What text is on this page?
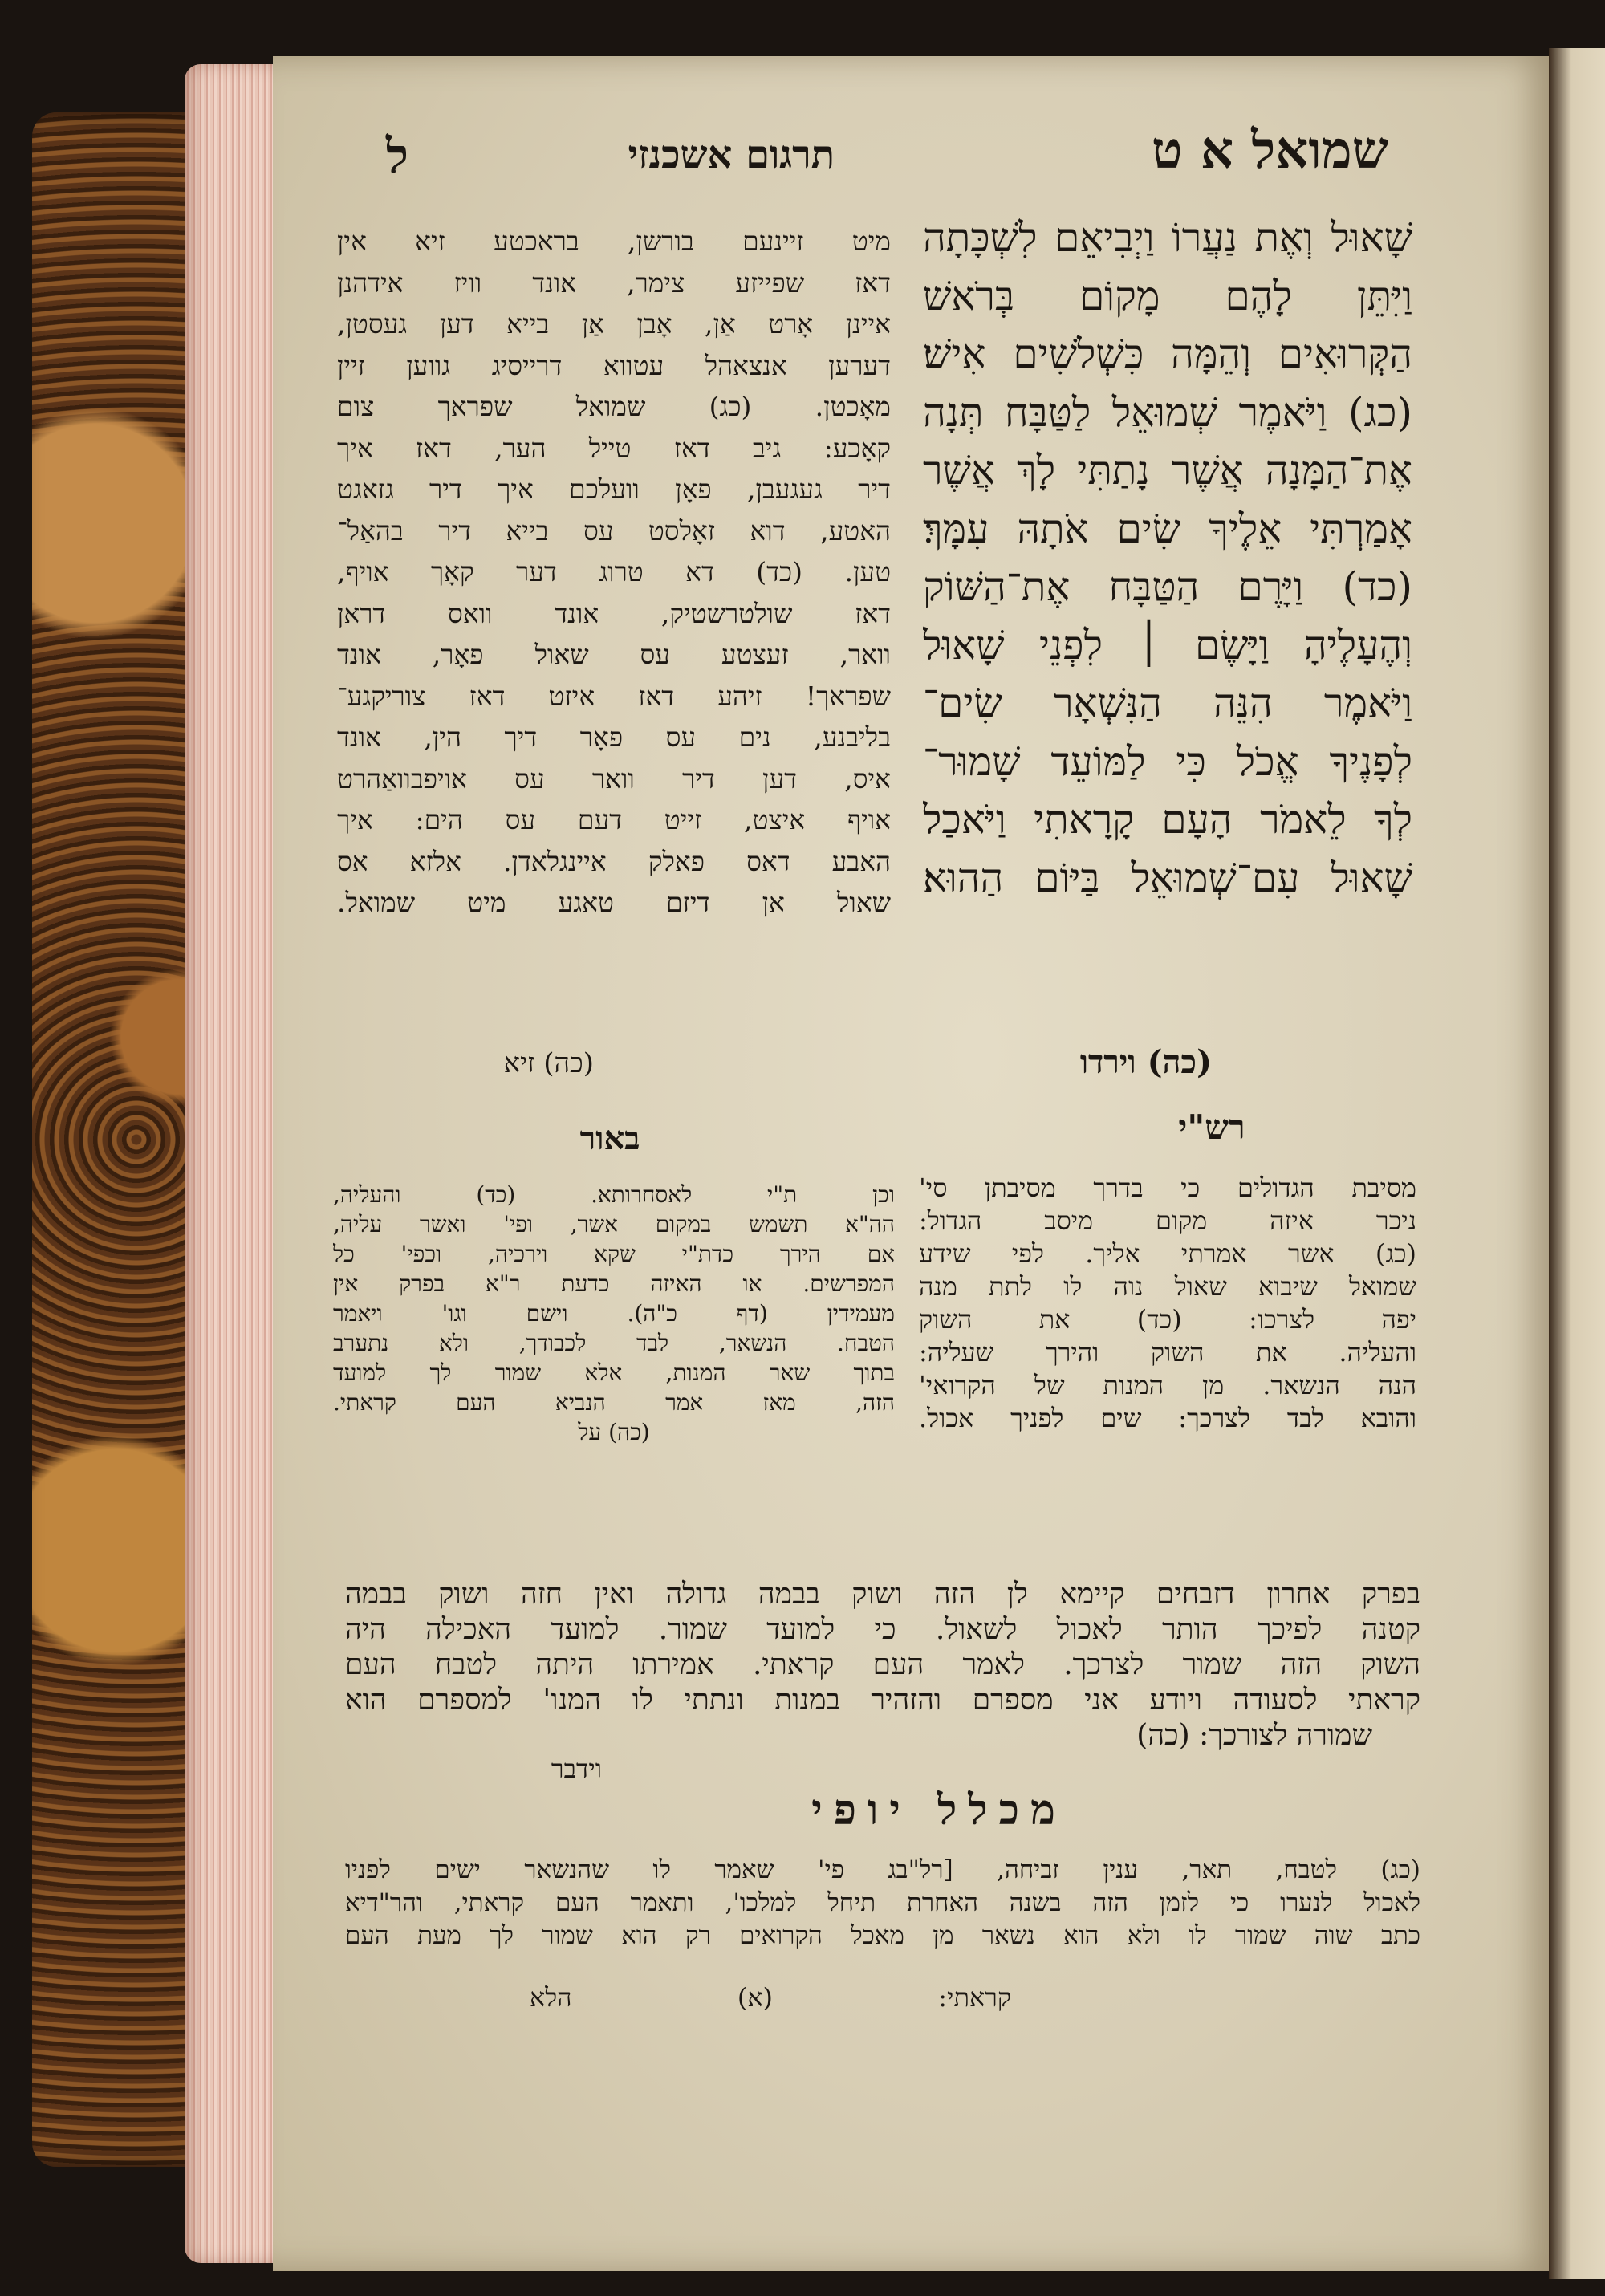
שמואל א ט
תרגום אשכנזי
ל
שָׁאוּל וְאֶת נַעֲרוֹ וַיְבִיאֵם לִשְׁכָּתָה
וַיִּתֵּן לָהֶם מָקוֹם בְּרֹאשׁ
הַקְּרוּאִים וְהֵמָּה כִּשְׁלֹשִׁים אִישׁ׃
(כג) וַיֹּאמֶר שְׁמוּאֵל לַטַּבָּח תְּנָה
אֶת־הַמָּנָה אֲשֶׁר נָתַתִּי לָךְ אֲשֶׁר
אָמַרְתִּי אֵלֶיךָ שִׂים אֹתָהּ עִמָּךְ׃
(כד) וַיָּרֶם הַטַּבָּח אֶת־הַשּׁוֹק
וְהֶעָלֶיהָ וַיָּשֶׂם ׀ לִפְנֵי שָׁאוּל
וַיֹּאמֶר הִנֵּה הַנִּשְׁאָר שִׂים־
לְפָנֶיךָ אֱכֹל כִּי לַמּוֹעֵד שָׁמוּר־
לְךָ לֵאמֹר הָעָם קָרָאתִי וַיֹּאכַל
שָׁאוּל עִם־שְׁמוּאֵל בַּיּוֹם הַהוּא׃
(כה) וירדו
מיט זיינעם בורשן, בראכטע זיא אין
דאז שפייזע צימר, אונד וויז אידהנן
איינן אָרט אַן, אָבן אַן בייא דען געסטן,
דערען אנצאהל עטווא דרייסיג גווען זיין
מאָכטן. (כג) שמואל שפראך צום
קאָכע: גיב דאז טייל הער, דאז איך
דיר געגעבן, פאָן וועלכם איך דיר גזאגט
האטע, דוא זאָלסט עס בייא דיר בהאַל־
טען. (כד) דא טרוג דער קאָך אויף,
דאז שולטרשטיק, אונד וואס דראן
וואר, זעצטע עס שאול פאָר, אונד
שפראך! זיהע דאז איזט דאז צוריקגע־
בליבנע, נים עס פאָר דיך הין, אונד
איס, דען דיר וואר עס אויפבוואַהרט
אויף איצט, זייט דעם עס הים: איך
האבע דאס פאלק איינגלאדן. אלזא אס
שאול אן דיזם טאגע מיט שמואל.
(כה) זיא
רש"י
באור
מסיבת הגדולים כי בדרך מסיבתן סי'
ניכר איזה מקום מיסב הגדול:
(כג) אשר אמרתי אליך. לפי שידע
שמואל שיבוא שאול נוה לו לתת מנה
יפה לצרכו: (כד) את השוק
והעליה. את השוק והירך שעליה:
הנה הנשאר. מן המנות של הקרואי'
והובא לבד לצרכך: שים לפניך אכול.
וכן ת"י לאסחרותא. (כד) והעליה,
הה"א תשמש במקום אשר, ופי' ואשר עליה,
אם הירך כדת"י שקא וירכיה, וכפי' כל
המפרשים. או האיזה כדעת ר"א בפרק אין
מעמידין (דף כ"ה). וישם וגו' ויאמר
הטבח. הנשאר, לבד לכבודך, ולא נתערב
בתוך שאר המנות, אלא שמור לך למועד
הזה, מאז אמר הנביא העם קראתי.
(כה) על
בפרק אחרון דזבחים קיימא לן הזה ושוק בבמה גדולה ואין חזה ושוק בבמה
קטנה לפיכך הותר לאכול לשאול. כי למועד שמור. למועד האכילה היה
השוק הזה שמור לצרכך. לאמר העם קראתי. אמירתו היתה לטבח העם
קראתי לסעודה ויודע אני מספרם והזהיר במנות ונתתי לו המנו' למספרם הוא
שמורה לצורכך: (כה)
וידבר
מכלל יופי
(כג) לטבח, תאר, ענין זביחה, [רל"בג פי' שאמר לו שהנשאר ישים לפניו
לאכול לנערו כי לזמן הזה בשנה האחרת תיחל למלכו', ותאמר העם קראתי, והר"דיא
כתב שוה שמור לו ולא הוא נשאר מן מאכל הקרואים רק הוא שמור לך מעת העם
קראתי: (א) הלא
